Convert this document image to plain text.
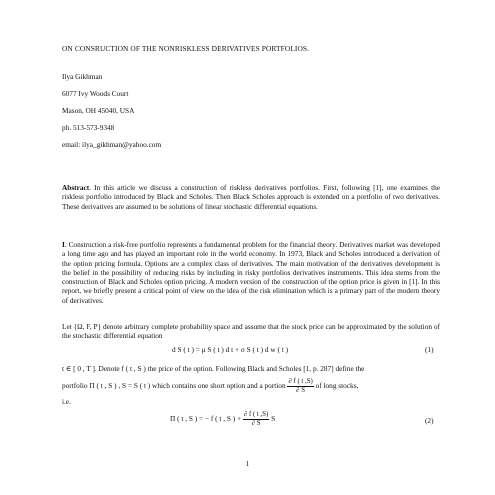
ON CONSRUCTION OF THE NONRISKLESS DERIVATIVES PORTFOLIOS.
Ilya Gikhman
6077 Ivy Woods Court
Mason, OH 45040, USA
ph. 513-573-9348
email: ilya_gikhman@yahoo.com

Abstract. In this article we discuss a construction of riskless derivatives portfolios. First, following [1], one examines the riskless portfolio introduced by Black and Scholes. Then Black Scholes approach is extended on a portfolio of two derivatives. These derivatives are assumed to be solutions of linear stochastic differential equations.

I. Construction a risk-free portfolio represents a fundamental problem for the financial theory. Derivatives market was developed a long time ago and has played an important role in the world economy. In 1973, Black and Scholes introduced a derivation of the option pricing formula. Options are a complex class of derivatives. The main motivation of the derivatives development is the belief in the possibility of reducing risks by including in risky portfolios derivatives instruments. This idea stems from the construction of Black and Scholes option pricing. A modern version of the construction of the option price is given in [1]. In this report, we briefly present a critical point of view on the idea of the risk elimination which is a primary part of the modern theory of derivatives.

Let {Ω, F, P} denote arbitrary complete probability space and assume that the stock price can be approximated by the solution of the stochastic differential equation

d S ( t ) = μ S ( t ) d t + σ S ( t ) d w ( t )	(1)
t ∈ [ 0 , T ]. Denote f ( t , S ) the price of the option. Following Black and Scholes [1, p. 287] define the
portfolio Π ( t , S ) , S = S ( t ) which contains one short option and a portion $\frac{\partial f ( t ,S)}{\partial S}$ of long stocks,
i.e.
Π ( t , S ) = − f ( t , S ) + $\frac{\partial f ( t ,S)}{\partial S}$ S	(2)
1
